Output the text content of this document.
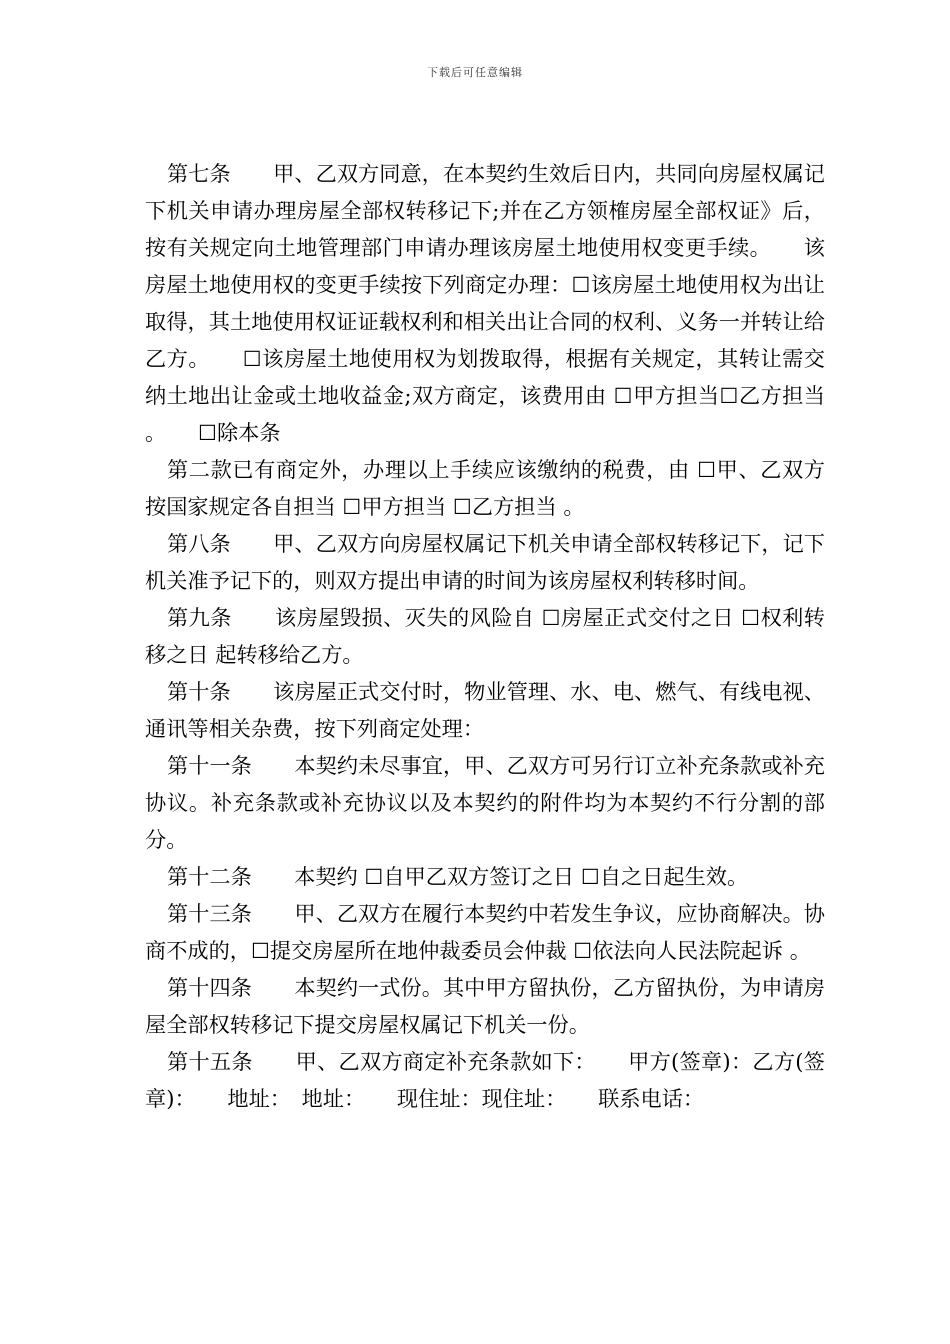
下载后可任意编辑

第七条　　甲、乙双方同意，在本契约生效后日内，共同向房屋权属记下机关申请办理房屋全部权转移记下;并在乙方领榷房屋全部权证》后，按有关规定向土地管理部门申请办理该房屋土地使用权变更手续。　　该房屋土地使用权的变更手续按下列商定办理：☐该房屋土地使用权为出让取得，其土地使用权证证载权利和相关出让合同的权利、义务一并转让给乙方。　　☐该房屋土地使用权为划拨取得，根据有关规定，其转让需交纳土地出让金或土地收益金;双方商定，该费用由 ☐甲方担当☐乙方担当 。　　☐除本条

第二款已有商定外，办理以上手续应该缴纳的税费，由 ☐甲、乙双方按国家规定各自担当 ☐甲方担当 ☐乙方担当 。

第八条　　甲、乙双方向房屋权属记下机关申请全部权转移记下，记下机关准予记下的，则双方提出申请的时间为该房屋权利转移时间。

第九条　　该房屋毁损、灭失的风险自 ☐房屋正式交付之日 ☐权利转移之日 起转移给乙方。

第十条　　该房屋正式交付时，物业管理、水、电、燃气、有线电视、通讯等相关杂费，按下列商定处理：

第十一条　　本契约未尽事宜，甲、乙双方可另行订立补充条款或补充协议。补充条款或补充协议以及本契约的附件均为本契约不行分割的部分。

第十二条　　本契约 ☐自甲乙双方签订之日 ☐自之日起生效。

第十三条　　甲、乙双方在履行本契约中若发生争议，应协商解决。协商不成的，☐提交房屋所在地仲裁委员会仲裁 ☐依法向人民法院起诉 。

第十四条　　本契约一式份。其中甲方留执份，乙方留执份，为申请房屋全部权转移记下提交房屋权属记下机关一份。

第十五条　　甲、乙双方商定补充条款如下：　　甲方(签章)：乙方(签章)：　　地址：　地址：　　现住址：现住址：　　联系电话：
